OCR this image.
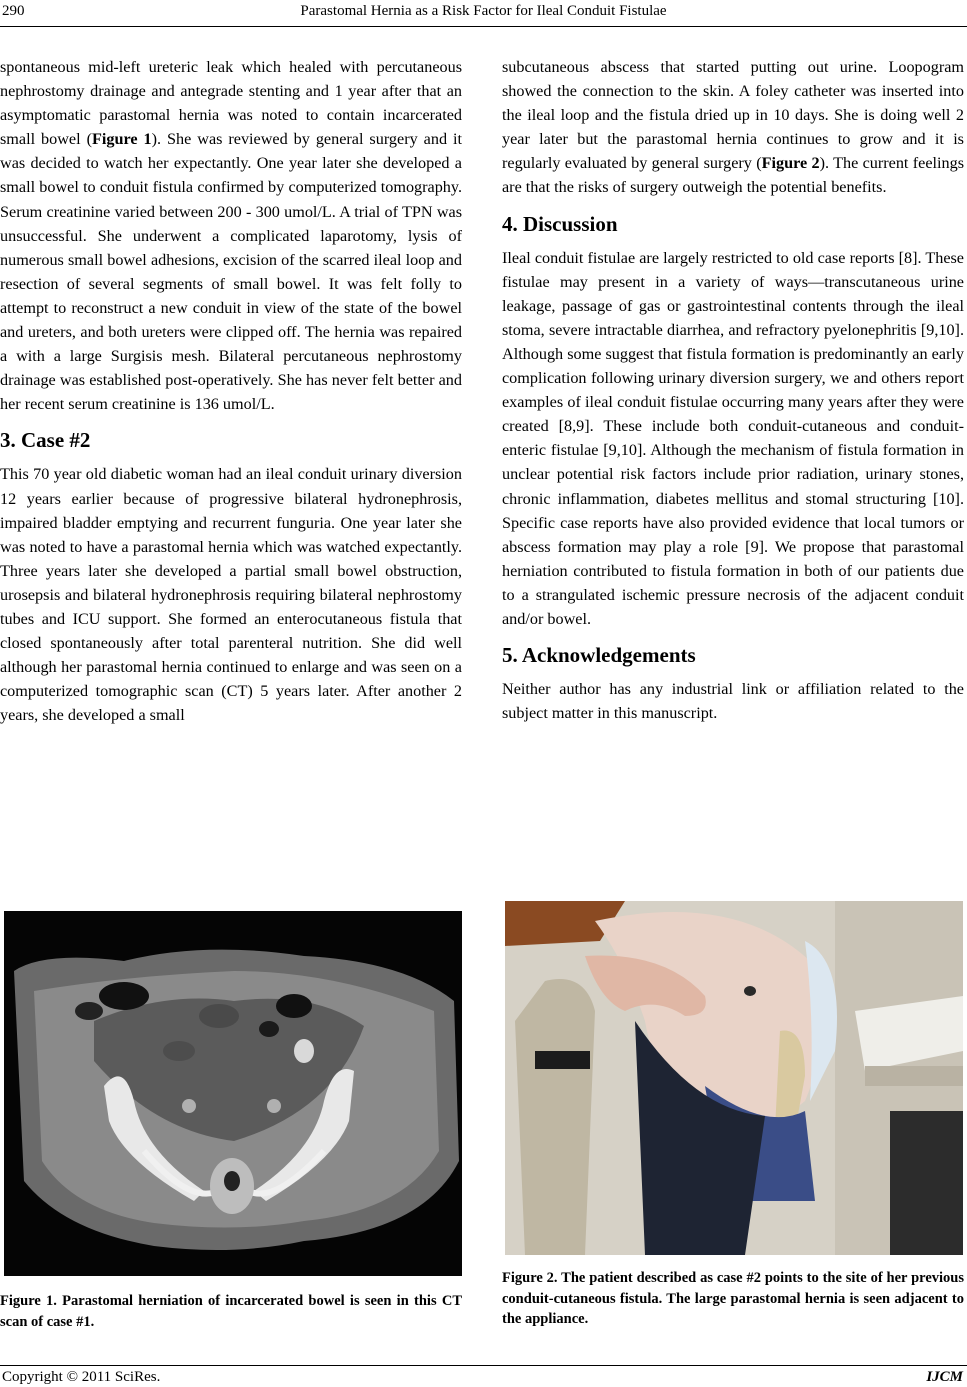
290	Parastomal Hernia as a Risk Factor for Ileal Conduit Fistulae

spontaneous mid-left ureteric leak which healed with percutaneous nephrostomy drainage and antegrade stenting and 1 year after that an asymptomatic parastomal hernia was noted to contain incarcerated small bowel (Figure 1). She was reviewed by general surgery and it was decided to watch her expectantly. One year later she developed a small bowel to conduit fistula confirmed by computerized tomography. Serum creatinine varied between 200 - 300 umol/L. A trial of TPN was unsuccessful. She underwent a complicated laparotomy, lysis of numerous small bowel adhesions, excision of the scarred ileal loop and resection of several segments of small bowel. It was felt folly to attempt to reconstruct a new conduit in view of the state of the bowel and ureters, and both ureters were clipped off. The hernia was repaired a with a large Surgisis mesh. Bilateral percutaneous nephrostomy drainage was established post-operatively. She has never felt better and her recent serum creatinine is 136 umol/L.

3. Case #2

This 70 year old diabetic woman had an ileal conduit urinary diversion 12 years earlier because of progressive bilateral hydronephrosis, impaired bladder emptying and recurrent funguria. One year later she was noted to have a parastomal hernia which was watched expectantly. Three years later she developed a partial small bowel obstruction, urosepsis and bilateral hydronephrosis requiring bilateral nephrostomy tubes and ICU support. She formed an enterocutaneous fistula that closed spontaneously after total parenteral nutrition. She did well although her parastomal hernia continued to enlarge and was seen on a computerized tomographic scan (CT) 5 years later. After another 2 years, she developed a small

subcutaneous abscess that started putting out urine. Loopogram showed the connection to the skin. A foley catheter was inserted into the ileal loop and the fistula dried up in 10 days. She is doing well 2 year later but the parastomal hernia continues to grow and it is regularly evaluated by general surgery (Figure 2). The current feelings are that the risks of surgery outweigh the potential benefits.

4. Discussion

Ileal conduit fistulae are largely restricted to old case reports [8]. These fistulae may present in a variety of ways—transcutaneous urine leakage, passage of gas or gastrointestinal contents through the ileal stoma, severe intractable diarrhea, and refractory pyelonephritis [9,10]. Although some suggest that fistula formation is predominantly an early complication following urinary diversion surgery, we and others report examples of ileal conduit fistulae occurring many years after they were created [8,9]. These include both conduit-cutaneous and conduit-enteric fistulae [9,10]. Although the mechanism of fistula formation in unclear potential risk factors include prior radiation, urinary stones, chronic inflammation, diabetes mellitus and stomal structuring [10]. Specific case reports have also provided evidence that local tumors or abscess formation may play a role [9]. We propose that parastomal herniation contributed to fistula formation in both of our patients due to a strangulated ischemic pressure necrosis of the adjacent conduit and/or bowel.

5. Acknowledgements

Neither author has any industrial link or affiliation related to the subject matter in this manuscript.

Figure 1. Parastomal herniation of incarcerated bowel is seen in this CT scan of case #1.
Figure 2. The patient described as case #2 points to the site of her previous conduit-cutaneous fistula. The large parastomal hernia is seen adjacent to the appliance.
Copyright © 2011 SciRes.	IJCM
